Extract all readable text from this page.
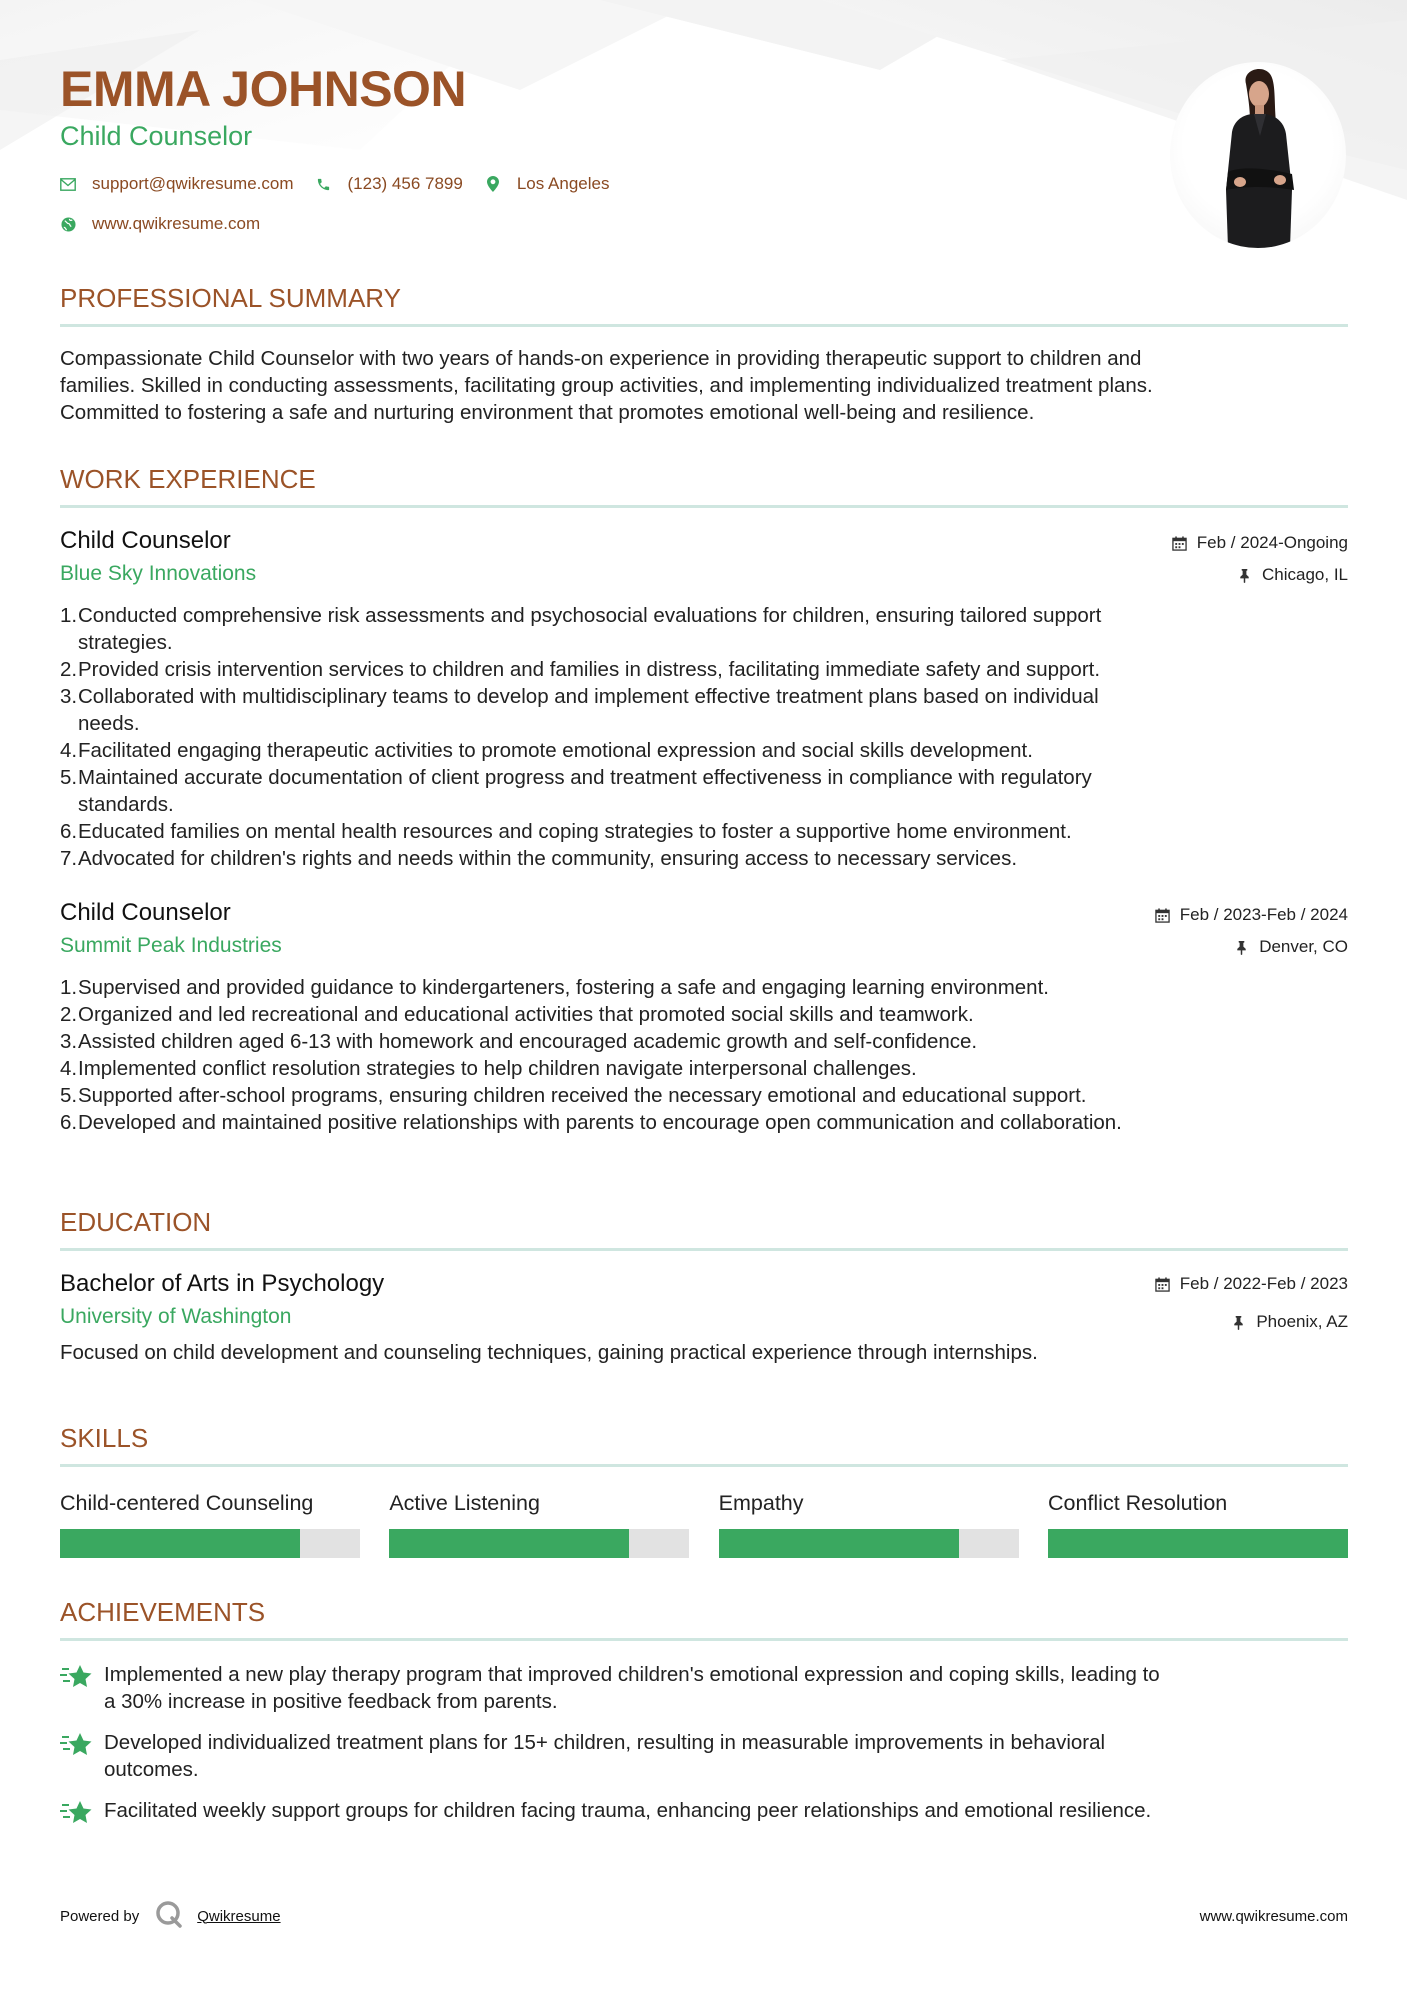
EMMA JOHNSON
Child Counselor
support@qwikresume.com	(123) 456 7899	Los Angeles
www.qwikresume.com
PROFESSIONAL SUMMARY
Compassionate Child Counselor with two years of hands-on experience in providing therapeutic support to children and
families. Skilled in conducting assessments, facilitating group activities, and implementing individualized treatment plans.
Committed to fostering a safe and nurturing environment that promotes emotional well-being and resilience.
WORK EXPERIENCE
Child Counselor
Blue Sky Innovations
Feb / 2024-Ongoing
Chicago, IL
1. Conducted comprehensive risk assessments and psychosocial evaluations for children, ensuring tailored support
strategies.
2. Provided crisis intervention services to children and families in distress, facilitating immediate safety and support.
3. Collaborated with multidisciplinary teams to develop and implement effective treatment plans based on individual
needs.
4. Facilitated engaging therapeutic activities to promote emotional expression and social skills development.
5. Maintained accurate documentation of client progress and treatment effectiveness in compliance with regulatory
standards.
6. Educated families on mental health resources and coping strategies to foster a supportive home environment.
7. Advocated for children's rights and needs within the community, ensuring access to necessary services.
Child Counselor
Summit Peak Industries
Feb / 2023-Feb / 2024
Denver, CO
1. Supervised and provided guidance to kindergarteners, fostering a safe and engaging learning environment.
2. Organized and led recreational and educational activities that promoted social skills and teamwork.
3. Assisted children aged 6-13 with homework and encouraged academic growth and self-confidence.
4. Implemented conflict resolution strategies to help children navigate interpersonal challenges.
5. Supported after-school programs, ensuring children received the necessary emotional and educational support.
6. Developed and maintained positive relationships with parents to encourage open communication and collaboration.
EDUCATION
Bachelor of Arts in Psychology
University of Washington
Feb / 2022-Feb / 2023
Phoenix, AZ
Focused on child development and counseling techniques, gaining practical experience through internships.
SKILLS
Child-centered Counseling	Active Listening	Empathy	Conflict Resolution
ACHIEVEMENTS
Implemented a new play therapy program that improved children's emotional expression and coping skills, leading to
a 30% increase in positive feedback from parents.
Developed individualized treatment plans for 15+ children, resulting in measurable improvements in behavioral
outcomes.
Facilitated weekly support groups for children facing trauma, enhancing peer relationships and emotional resilience.
Powered by	Qwikresume	www.qwikresume.com
